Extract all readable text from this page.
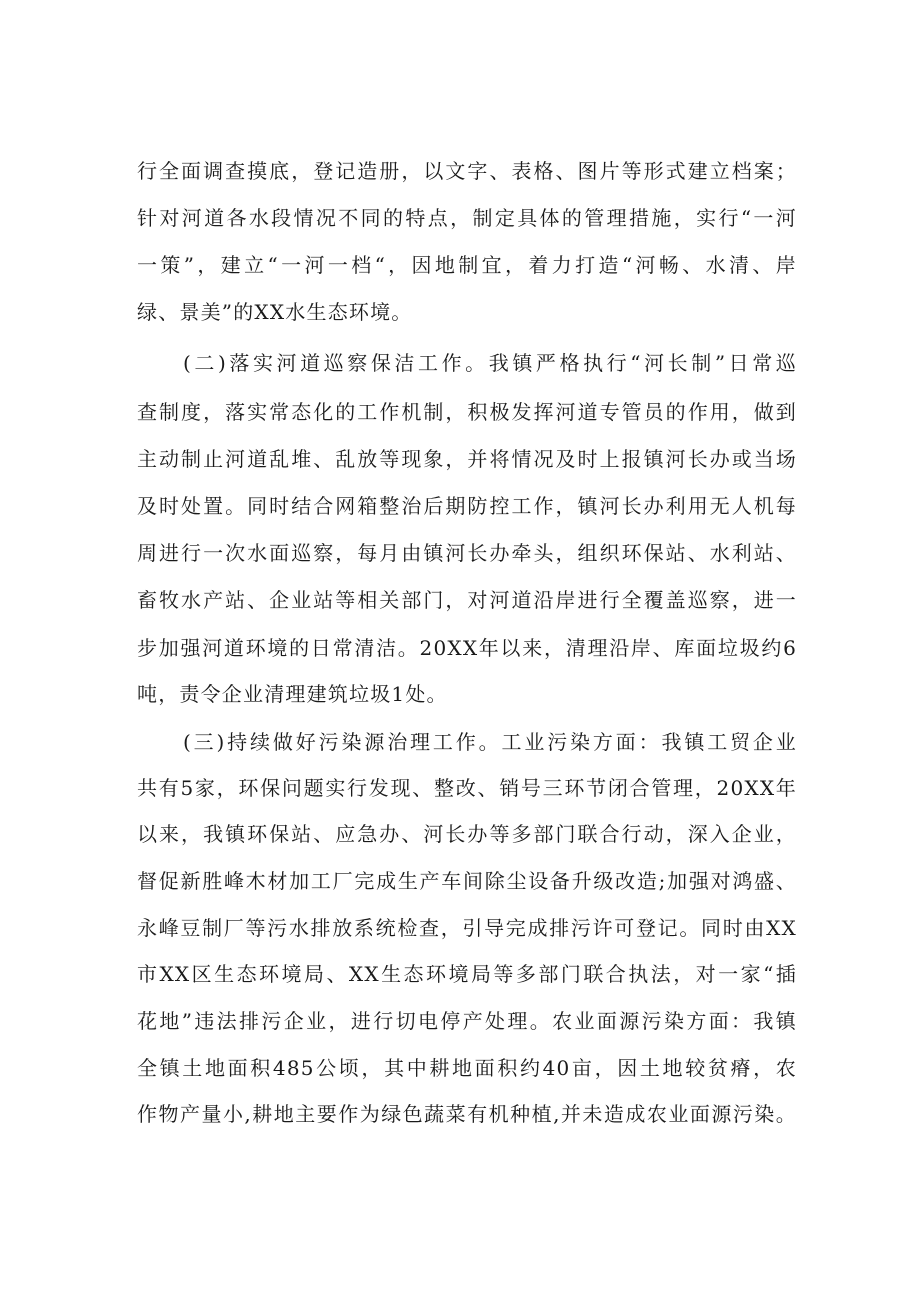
行全面调查摸底，登记造册，以文字、表格、图片等形式建立档案；
针对河道各水段情况不同的特点，制定具体的管理措施，实行“一河
一策”，建立“一河一档“，因地制宜，着力打造“河畅、水清、岸
绿、景美”的XX水生态环境。
(二)落实河道巡察保洁工作。我镇严格执行“河长制”日常巡
查制度，落实常态化的工作机制，积极发挥河道专管员的作用，做到
主动制止河道乱堆、乱放等现象，并将情况及时上报镇河长办或当场
及时处置。同时结合网箱整治后期防控工作，镇河长办利用无人机每
周进行一次水面巡察，每月由镇河长办牵头，组织环保站、水利站、
畜牧水产站、企业站等相关部门，对河道沿岸进行全覆盖巡察，进一
步加强河道环境的日常清洁。20XX年以来，清理沿岸、库面垃圾约6
吨，责令企业清理建筑垃圾1处。
(三)持续做好污染源治理工作。工业污染方面：我镇工贸企业
共有5家，环保问题实行发现、整改、销号三环节闭合管理，20XX年
以来，我镇环保站、应急办、河长办等多部门联合行动，深入企业，
督促新胜峰木材加工厂完成生产车间除尘设备升级改造;加强对鸿盛、
永峰豆制厂等污水排放系统检查，引导完成排污许可登记。同时由XX
市XX区生态环境局、XX生态环境局等多部门联合执法，对一家“插
花地”违法排污企业，进行切电停产处理。农业面源污染方面：我镇
全镇土地面积485公顷，其中耕地面积约40亩，因土地较贫瘠，农
作物产量小,耕地主要作为绿色蔬菜有机种植,并未造成农业面源污染。
